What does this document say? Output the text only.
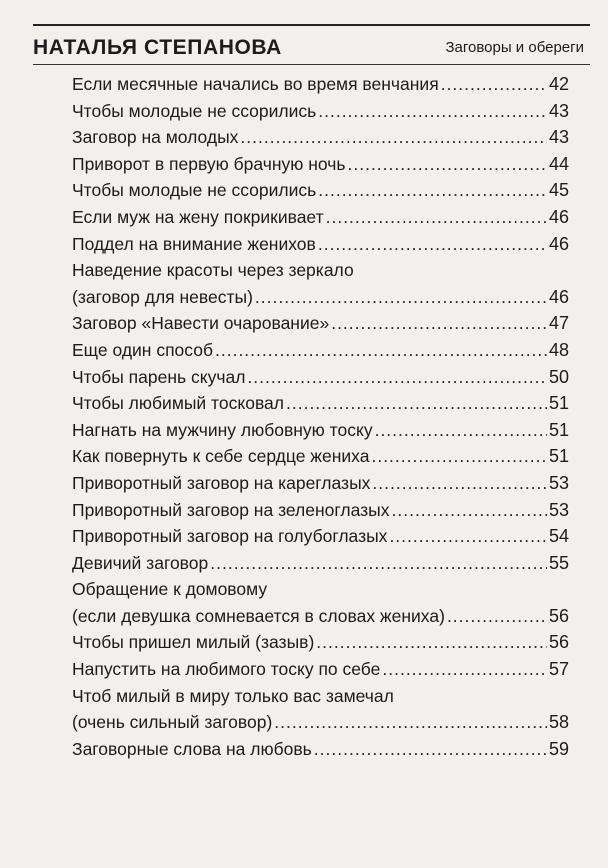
НАТАЛЬЯ СТЕПАНОВА	Заговоры и обереги
Если месячные начались во время венчания .....	42
Чтобы молодые не ссорились .....	43
Заговор на молодых .....	43
Приворот в первую брачную ночь .....	44
Чтобы молодые не ссорились .....	45
Если муж на жену покрикивает .....	46
Поддел на внимание женихов .....	46
Наведение красоты через зеркало
(заговор для невесты) .....	46
Заговор «Навести очарование» .....	47
Еще один способ .....	48
Чтобы парень скучал .....	50
Чтобы любимый тосковал .....	51
Нагнать на мужчину любовную тоску .....	51
Как повернуть к себе сердце жениха .....	51
Приворотный заговор на кареглазых .....	53
Приворотный заговор на зеленоглазых .....	53
Приворотный заговор на голубоглазых .....	54
Девичий заговор .....	55
Обращение к домовому
(если девушка сомневается в словах жениха) .....	56
Чтобы пришел милый (зазыв) .....	56
Напустить на любимого тоску по себе .....	57
Чтоб милый в миру только вас замечал
(очень сильный заговор) .....	58
Заговорные слова на любовь .....	59
